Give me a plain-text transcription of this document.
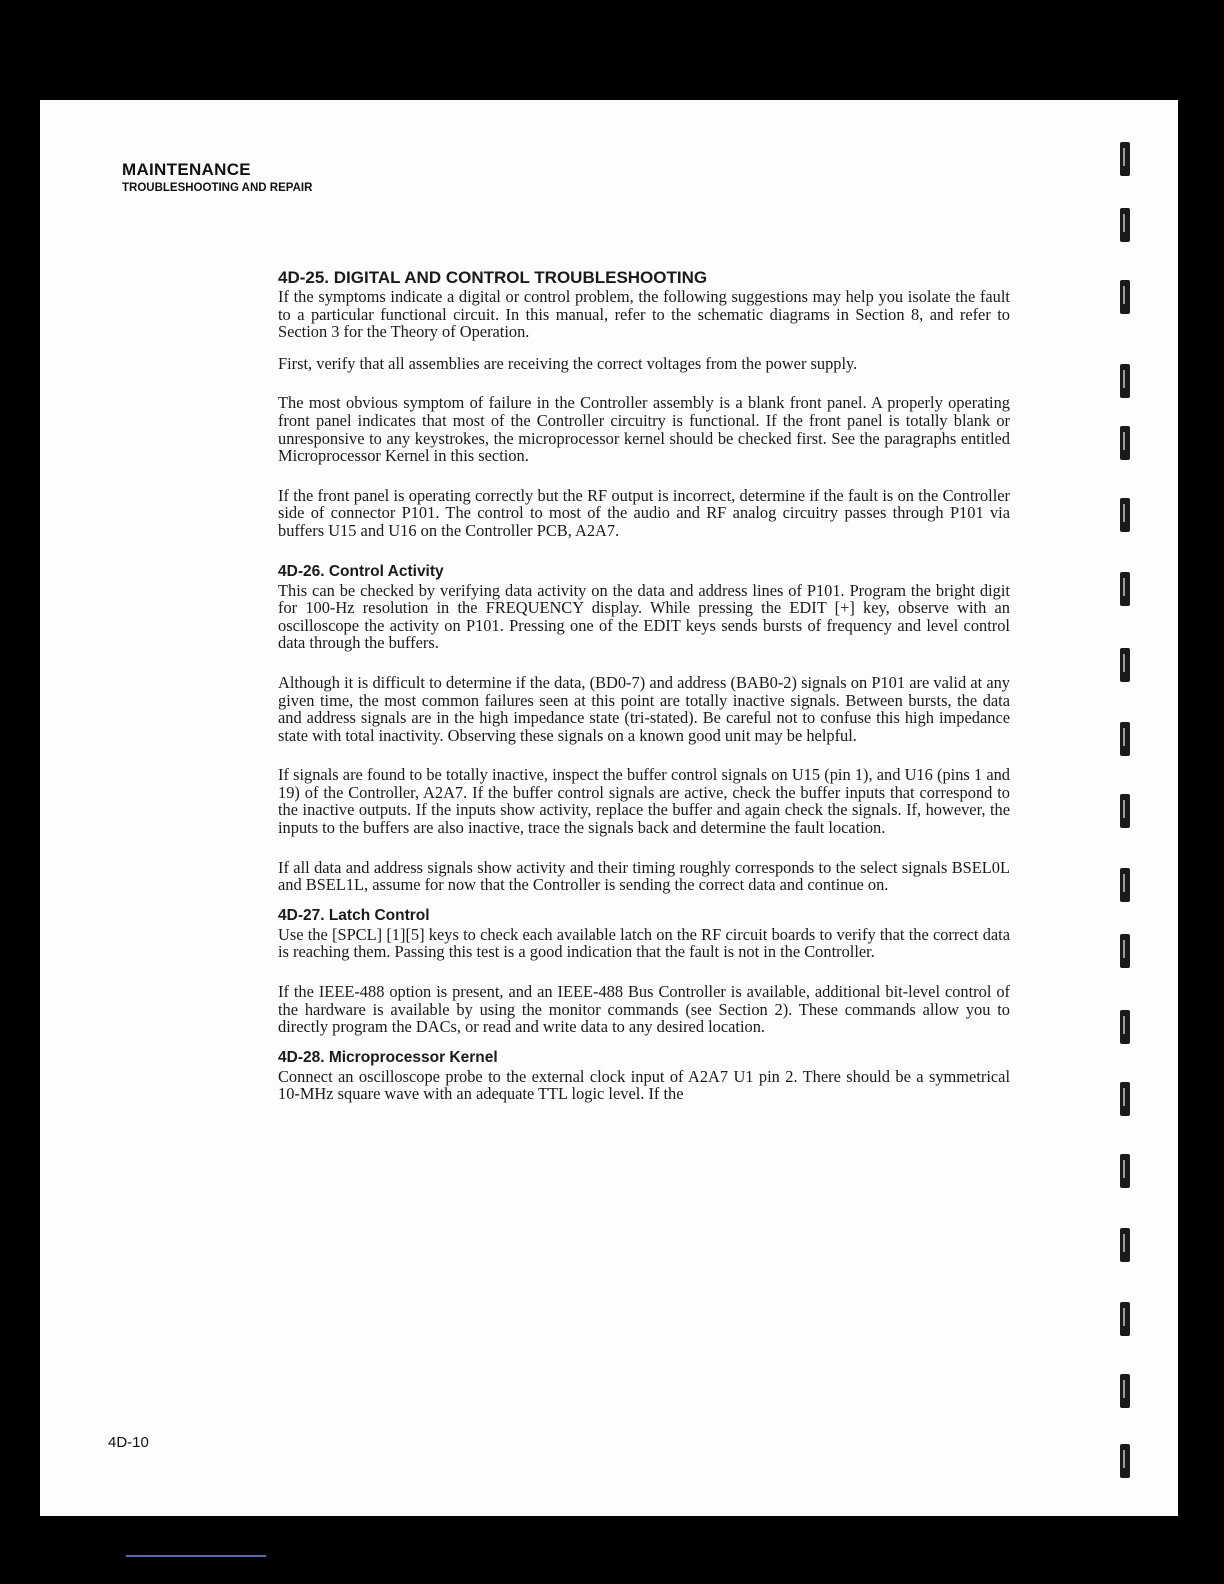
MAINTENANCE
TROUBLESHOOTING AND REPAIR
4D-25. DIGITAL AND CONTROL TROUBLESHOOTING

If the symptoms indicate a digital or control problem, the following suggestions may help you isolate the fault to a particular functional circuit. In this manual, refer to the schematic diagrams in Section 8, and refer to Section 3 for the Theory of Operation.

First, verify that all assemblies are receiving the correct voltages from the power supply.

The most obvious symptom of failure in the Controller assembly is a blank front panel. A properly operating front panel indicates that most of the Controller circuitry is functional. If the front panel is totally blank or unresponsive to any keystrokes, the microprocessor kernel should be checked first. See the paragraphs entitled Microprocessor Kernel in this section.

If the front panel is operating correctly but the RF output is incorrect, determine if the fault is on the Controller side of connector P101. The control to most of the audio and RF analog circuitry passes through P101 via buffers U15 and U16 on the Controller PCB, A2A7.

4D-26. Control Activity

This can be checked by verifying data activity on the data and address lines of P101. Program the bright digit for 100-Hz resolution in the FREQUENCY display. While pressing the EDIT [+] key, observe with an oscilloscope the activity on P101. Pressing one of the EDIT keys sends bursts of frequency and level control data through the buffers.

Although it is difficult to determine if the data, (BD0-7) and address (BAB0-2) signals on P101 are valid at any given time, the most common failures seen at this point are totally inactive signals. Between bursts, the data and address signals are in the high impedance state (tri-stated). Be careful not to confuse this high impedance state with total inactivity. Observing these signals on a known good unit may be helpful.

If signals are found to be totally inactive, inspect the buffer control signals on U15 (pin 1), and U16 (pins 1 and 19) of the Controller, A2A7. If the buffer control signals are active, check the buffer inputs that correspond to the inactive outputs. If the inputs show activity, replace the buffer and again check the signals. If, however, the inputs to the buffers are also inactive, trace the signals back and determine the fault location.

If all data and address signals show activity and their timing roughly corresponds to the select signals BSEL0L and BSEL1L, assume for now that the Controller is sending the correct data and continue on.

4D-27. Latch Control

Use the [SPCL] [1][5] keys to check each available latch on the RF circuit boards to verify that the correct data is reaching them. Passing this test is a good indication that the fault is not in the Controller.

If the IEEE-488 option is present, and an IEEE-488 Bus Controller is available, additional bit-level control of the hardware is available by using the monitor commands (see Section 2). These commands allow you to directly program the DACs, or read and write data to any desired location.

4D-28. Microprocessor Kernel

Connect an oscilloscope probe to the external clock input of A2A7 U1 pin 2. There should be a symmetrical 10-MHz square wave with an adequate TTL logic level. If the

4D-10
